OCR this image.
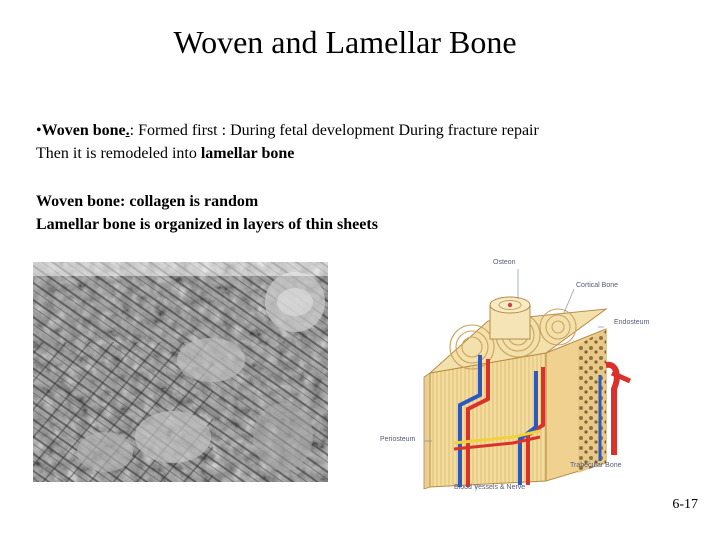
Woven and Lamellar Bone
•Woven bone.: Formed first : During fetal development During fracture repair
Then it is remodeled into lamellar bone
Woven bone: collagen is random
Lamellar bone is organized in layers of thin sheets
Osteon
Cortical Bone
Endosteum
Periosteum
Trabecular Bone
Blood Vessels & Nerve
6-17
